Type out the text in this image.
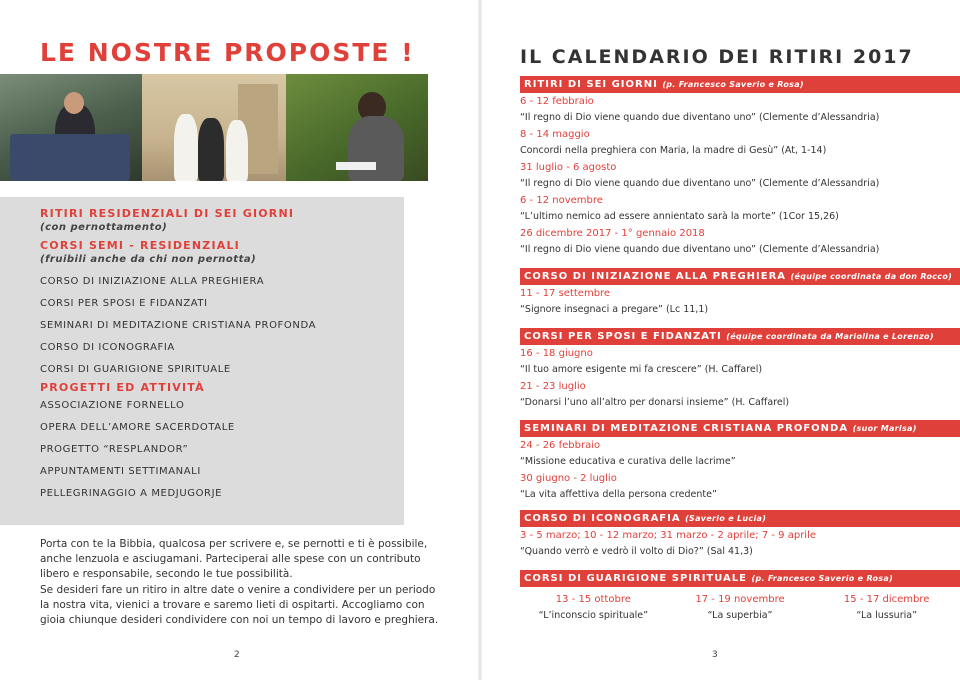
LE NOSTRE PROPOSTE !
RITIRI RESIDENZIALI DI SEI GIORNI
(con pernottamento)
CORSI SEMI - RESIDENZIALI
(fruibili anche da chi non pernotta)
CORSO DI INIZIAZIONE ALLA PREGHIERA
CORSI PER SPOSI E FIDANZATI
SEMINARI DI MEDITAZIONE CRISTIANA PROFONDA
CORSO DI ICONOGRAFIA
CORSI DI GUARIGIONE SPIRITUALE
PROGETTI ED ATTIVITÀ
ASSOCIAZIONE FORNELLO
OPERA DELL’AMORE SACERDOTALE
PROGETTO “RESPLANDOR”
APPUNTAMENTI SETTIMANALI
PELLEGRINAGGIO A MEDJUGORJE

Porta con te la Bibbia, qualcosa per scrivere e, se pernotti e ti è possibile, anche lenzuola e asciugamani. Parteciperai alle spese con un contributo libero e responsabile, secondo le tue possibilità.

Se desideri fare un ritiro in altre date o venire a condividere per un periodo la nostra vita, vienici a trovare e saremo lieti di ospitarti. Accogliamo con gioia chiunque desideri condividere con noi un tempo di lavoro e preghiera.

2
IL CALENDARIO DEI RITIRI 2017
RITIRI DI SEI GIORNI (p. Francesco Saverio e Rosa)
6 - 12 febbraio
“Il regno di Dio viene quando due diventano uno” (Clemente d’Alessandria)
8 - 14 maggio
Concordi nella preghiera con Maria, la madre di Gesù” (At, 1-14)
31 luglio - 6 agosto
“Il regno di Dio viene quando due diventano uno” (Clemente d’Alessandria)
6 - 12 novembre
“L’ultimo nemico ad essere annientato sarà la morte” (1Cor 15,26)
26 dicembre 2017 - 1° gennaio 2018
“Il regno di Dio viene quando due diventano uno” (Clemente d’Alessandria)
CORSO DI INIZIAZIONE ALLA PREGHIERA (équipe coordinata da don Rocco)
11 - 17 settembre
“Signore insegnaci a pregare” (Lc 11,1)
CORSI PER SPOSI E FIDANZATI (équipe coordinata da Mariolina e Lorenzo)
16 - 18 giugno
“Il tuo amore esigente mi fa crescere” (H. Caffarel)
21 - 23 luglio
“Donarsi l’uno all’altro per donarsi insieme” (H. Caffarel)
SEMINARI DI MEDITAZIONE CRISTIANA PROFONDA (suor Marisa)
24 - 26 febbraio
“Missione educativa e curativa delle lacrime”
30 giugno - 2 luglio
“La vita affettiva della persona credente”
CORSO DI ICONOGRAFIA (Saverio e Lucia)
3 - 5 marzo; 10 - 12 marzo; 31 marzo - 2 aprile; 7 - 9 aprile
“Quando verrò e vedrò il volto di Dio?” (Sal 41,3)
CORSI DI GUARIGIONE SPIRITUALE (p. Francesco Saverio e Rosa)
13 - 15 ottobre
“L’inconscio spirituale”
17 - 19 novembre
“La superbia”
15 - 17 dicembre
“La lussuria”
3
